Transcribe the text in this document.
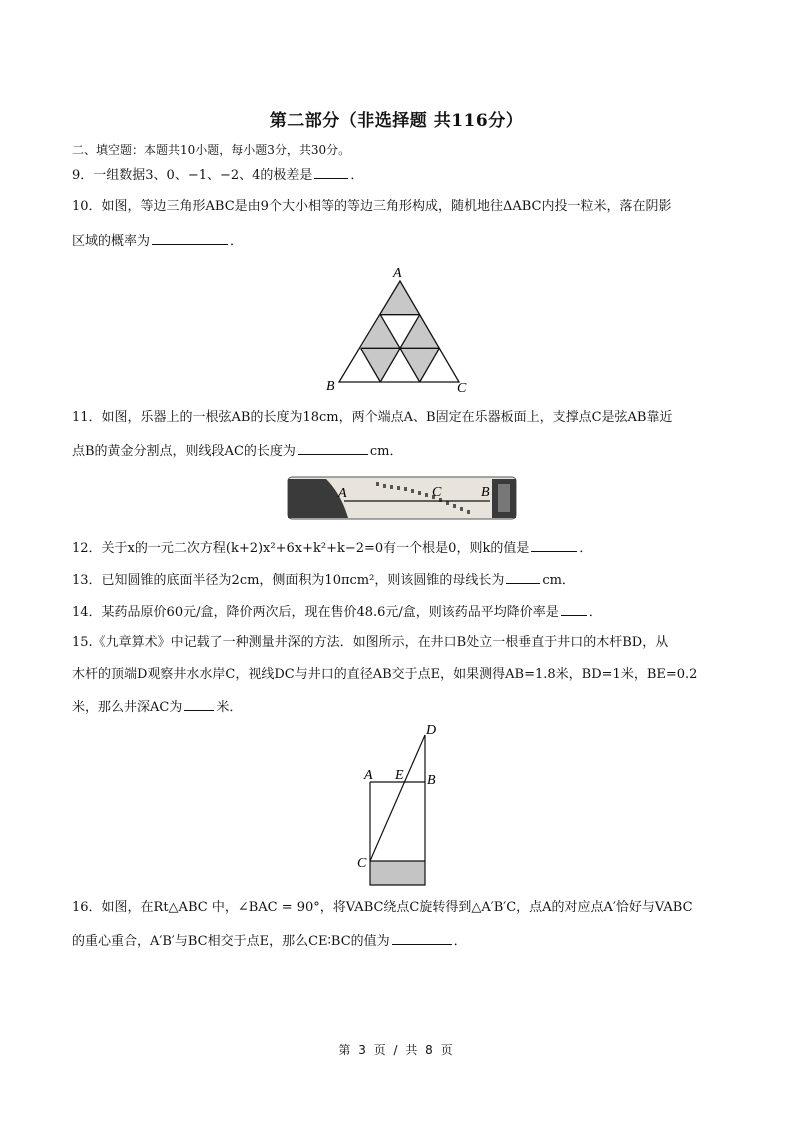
第二部分（非选择题 共116分）
二、填空题：本题共10小题，每小题3分，共30分。
9．一组数据3、0、−1、−2、4的极差是	．
10．如图，等边三角形ABC是由9个大小相等的等边三角形构成，随机地往ΔABC内投一粒米，落在阴影
区域的概率为	．
A
B	C
11．如图，乐器上的一根弦AB的长度为18cm，两个端点A、B固定在乐器板面上，支撑点C是弦AB靠近
点B的黄金分割点，则线段AC的长度为	cm．
A	C	B
12．关于x的一元二次方程(k+2)x²+6x+k²+k−2=0有一个根是0，则k的值是	．
13．已知圆锥的底面半径为2cm，侧面积为10πcm²，则该圆锥的母线长为	cm．
14．某药品原价60元/盒，降价两次后，现在售价48.6元/盒，则该药品平均降价率是 ．
15.《九章算术》中记载了一种测量井深的方法．如图所示，在井口B处立一根垂直于井口的木杆BD，从
木杆的顶端D观察井水水岸C，视线DC与井口的直径AB交于点E，如果测得AB=1.8米，BD=1米，BE=0.2
米，那么井深AC为	米．
D
A E B
C
16．如图，在Rt△ABC 中，∠BAC = 90°，将VABC绕点C旋转得到△A′B′C，点A的对应点A′恰好与VABC
的重心重合，A′B′与BC相交于点E，那么CE∶BC的值为	．
第 3 页 / 共 8 页
